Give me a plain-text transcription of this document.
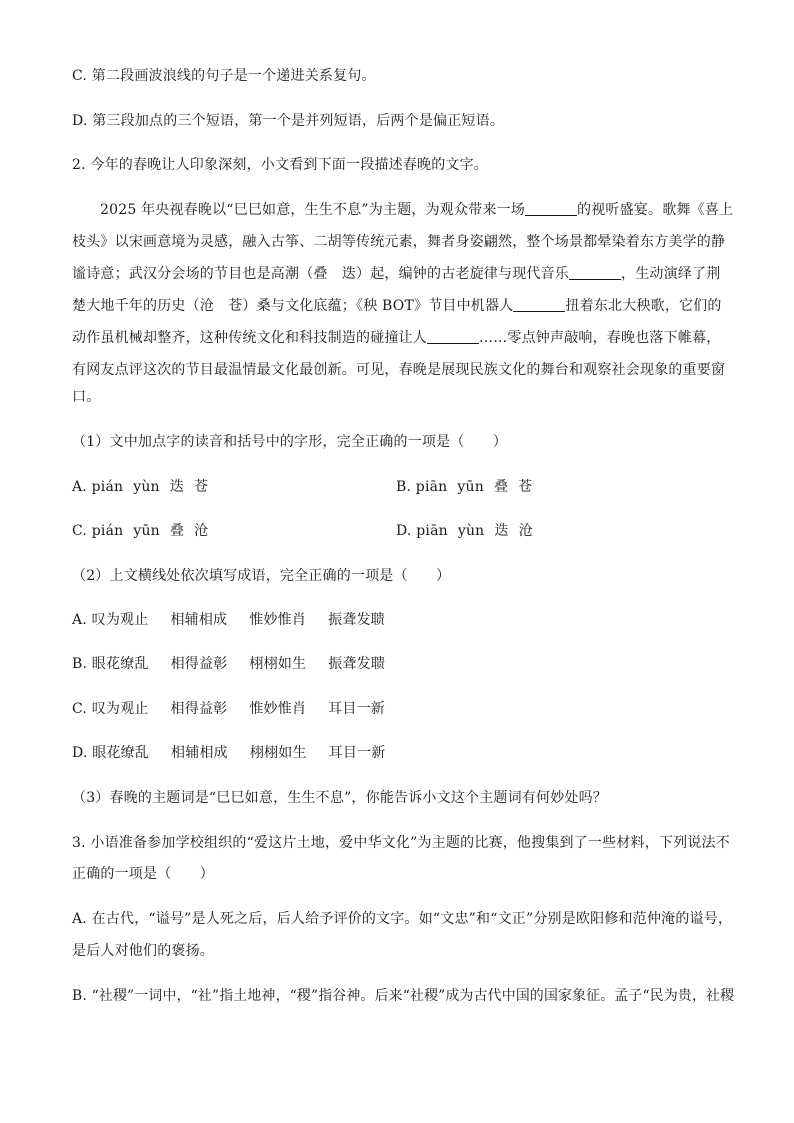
C. 第二段画波浪线的句子是一个递进关系复句。
D. 第三段加点的三个短语，第一个是并列短语，后两个是偏正短语。
2. 今年的春晚让人印象深刻，小文看到下面一段描述春晚的文字。
2025 年央视春晚以“巳巳如意，生生不息”为主题，为观众带来一场	的视听盛宴。歌舞《喜上
枝头》以宋画意境为灵感，融入古筝、二胡等传统元素，舞者身姿翩然，整个场景都晕染着东方美学的静
谧诗意；武汉分会场的节目也是高潮（叠　迭）起，编钟的古老旋律与现代音乐	，生动演绎了荆
楚大地千年的历史（沧　苍）桑与文化底蕴；《秧 BOT》节目中机器人	扭着东北大秧歌，它们的
动作虽机械却整齐，这种传统文化和科技制造的碰撞让人	……零点钟声敲响，春晚也落下帷幕，
有网友点评这次的节目最温情最文化最创新。可见，春晚是展现民族文化的舞台和观察社会现象的重要窗
口。
（1）文中加点字的读音和括号中的字形，完全正确的一项是（　　）
A. pián yùn 迭 苍	B. piān yūn 叠 苍
C. pián yūn 叠 沧	D. piān yùn 迭 沧
（2）上文横线处依次填写成语，完全正确的一项是（　　）
A. 叹为观止 相辅相成 惟妙惟肖 振聋发聩
B. 眼花缭乱 相得益彰 栩栩如生 振聋发聩
C. 叹为观止 相得益彰 惟妙惟肖 耳目一新
D. 眼花缭乱 相辅相成 栩栩如生 耳目一新
（3）春晚的主题词是“巳巳如意，生生不息”，你能告诉小文这个主题词有何妙处吗？
3. 小语准备参加学校组织的“爱这片土地，爱中华文化”为主题的比赛，他搜集到了一些材料，下列说法不
正确的一项是（　　）
A. 在古代，“谥号”是人死之后，后人给予评价的文字。如“文忠”和“文正”分别是欧阳修和范仲淹的谥号，
是后人对他们的褒扬。
B. “社稷”一词中，“社”指土地神，“稷”指谷神。后来“社稷”成为古代中国的国家象征。孟子“民为贵，社稷
